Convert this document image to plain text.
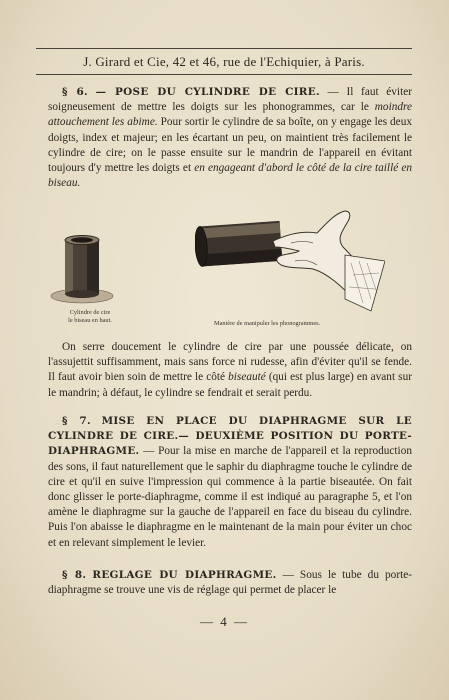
J. Girard et Cie, 42 et 46, rue de l'Echiquier, à Paris.
§ 6. — POSE DU CYLINDRE DE CIRE. — Il faut éviter soigneusement de mettre les doigts sur les phonogrammes, car le moindre attouchement les abime. Pour sortir le cylindre de sa boîte, on y engage les deux doigts, index et majeur; en les écartant un peu, on maintient très facilement le cylindre de cire; on le passe ensuite sur le mandrin de l'appareil en évitant toujours d'y mettre les doigts et en engageant d'abord le côté de la cire taillé en biseau.
Cylindre de cire
le biseau en haut.	Manière de manipuler les phonogrammes.
On serre doucement le cylindre de cire par une poussée délicate, on l'assujettit suffisamment, mais sans force ni rudesse, afin d'éviter qu'il se fende. Il faut avoir bien soin de mettre le côté biseauté (qui est plus large) en avant sur le mandrin; à défaut, le cylindre se fendrait et serait perdu.
§ 7. MISE EN PLACE DU DIAPHRAGME SUR LE CYLINDRE DE CIRE.— DEUXIÈME POSITION DU PORTE-DIAPHRAGME. — Pour la mise en marche de l'appareil et la reproduction des sons, il faut naturellement que le saphir du diaphragme touche le cylindre de cire et qu'il en suive l'impression qui commence à la partie biseautée. On fait donc glisser le porte-diaphragme, comme il est indiqué au paragraphe 5, et l'on amène le diaphragme sur la gauche de l'appareil en face du biseau du cylindre. Puis l'on abaisse le diaphragme en le maintenant de la main pour éviter un choc et en relevant simplement le levier.
§ 8. REGLAGE DU DIAPHRAGME. — Sous le tube du porte-diaphragme se trouve une vis de réglage qui permet de placer le
— 4 —
